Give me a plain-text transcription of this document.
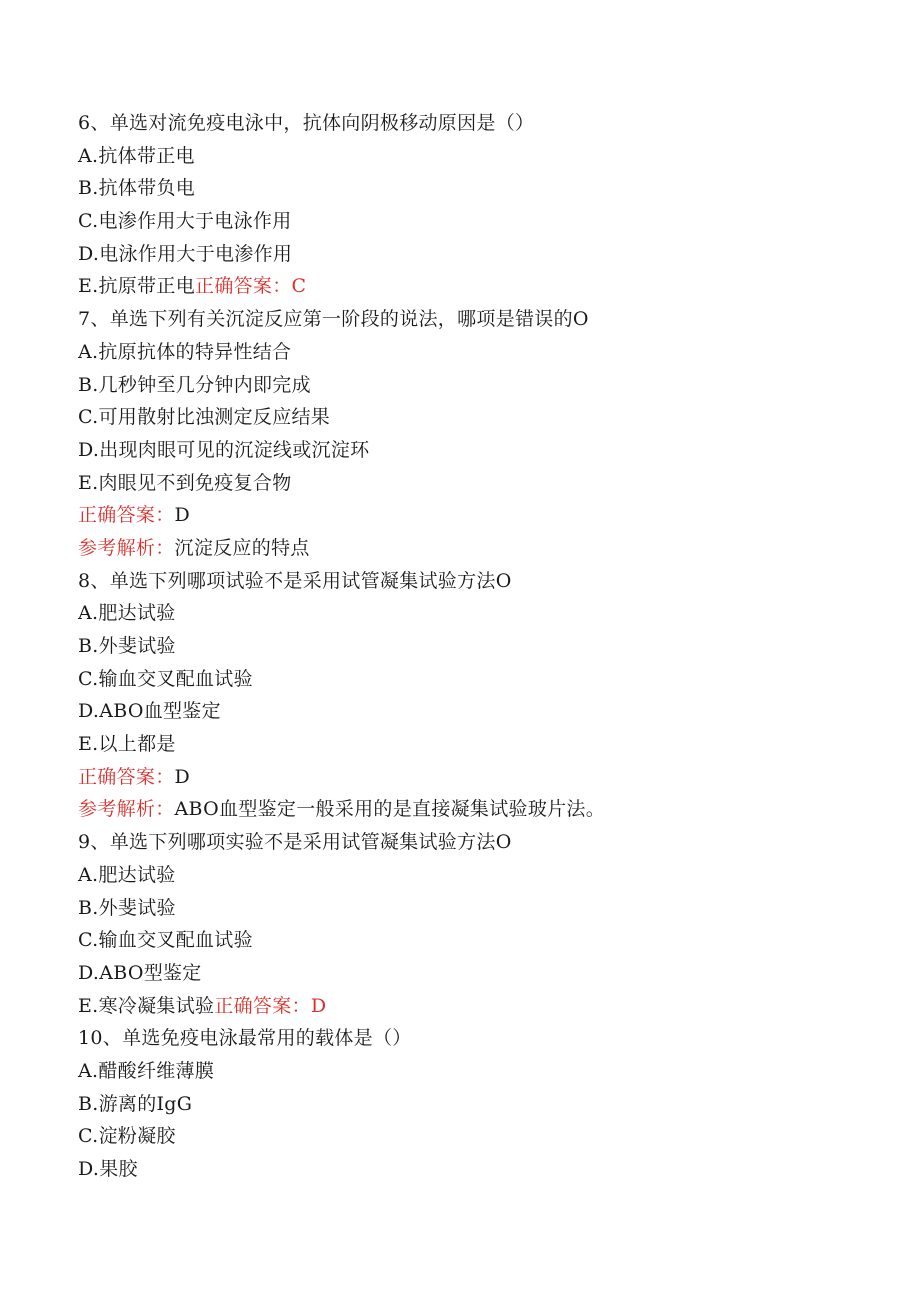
6、单选对流免疫电泳中，抗体向阴极移动原因是（）
A.抗体带正电
B.抗体带负电
C.电渗作用大于电泳作用
D.电泳作用大于电渗作用
E.抗原带正电正确答案：C
7、单选下列有关沉淀反应第一阶段的说法，哪项是错误的O
A.抗原抗体的特异性结合
B.几秒钟至几分钟内即完成
C.可用散射比浊测定反应结果
D.出现肉眼可见的沉淀线或沉淀环
E.肉眼见不到免疫复合物
正确答案：D
参考解析：沉淀反应的特点
8、单选下列哪项试验不是采用试管凝集试验方法O
A.肥达试验
B.外斐试验
C.输血交叉配血试验
D.ABO血型鉴定
E.以上都是
正确答案：D
参考解析：ABO血型鉴定一般采用的是直接凝集试验玻片法。
9、单选下列哪项实验不是采用试管凝集试验方法O
A.肥达试验
B.外斐试验
C.输血交叉配血试验
D.ABO型鉴定
E.寒冷凝集试验正确答案：D
10、单选免疫电泳最常用的载体是（）
A.醋酸纤维薄膜
B.游离的IgG
C.淀粉凝胶
D.果胶
